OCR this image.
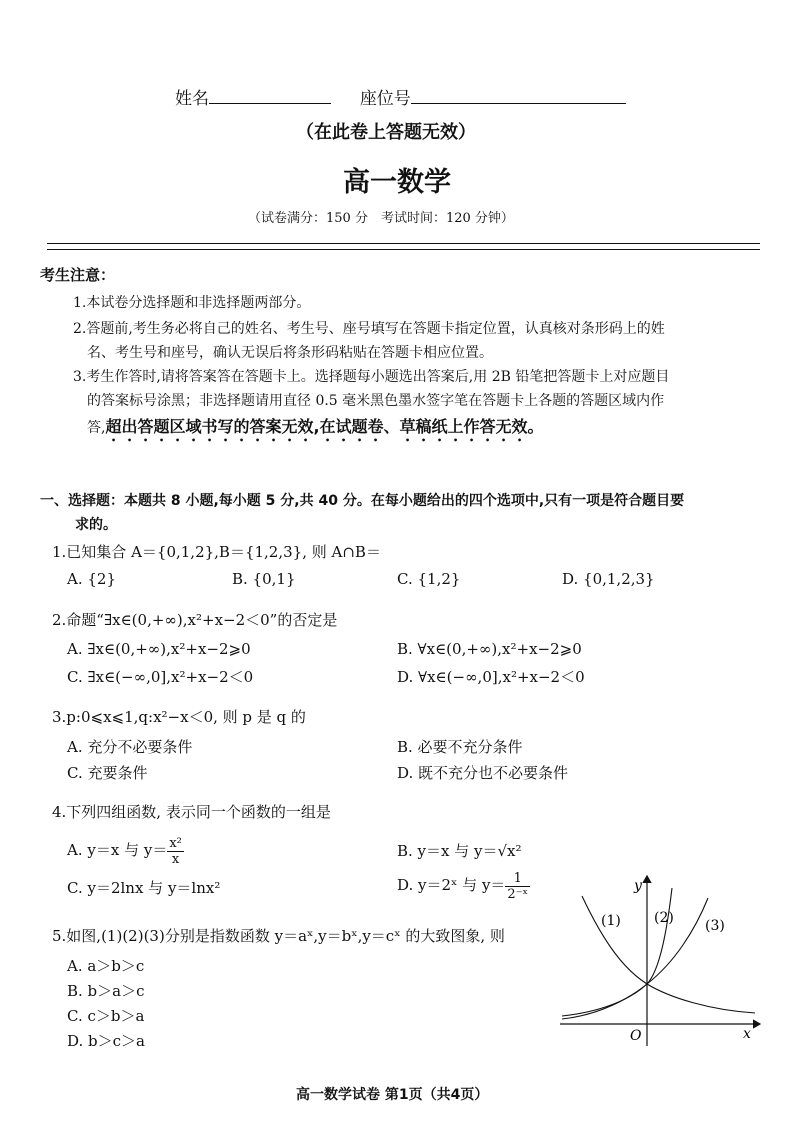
姓名	座位号
（在此卷上答题无效）
高一数学
（试卷满分：150 分　考试时间：120 分钟）
考生注意：
1.本试卷分选择题和非选择题两部分。
2.答题前,考生务必将自己的姓名、考生号、座号填写在答题卡指定位置，认真核对条形码上的姓
名、考生号和座号，确认无误后将条形码粘贴在答题卡相应位置。
3.考生作答时,请将答案答在答题卡上。选择题每小题选出答案后,用 2B 铅笔把答题卡上对应题目
的答案标号涂黑；非选择题请用直径 0.5 毫米黑色墨水签字笔在答题卡上各题的答题区域内作
答,超出答题区域书写的答案无效,在试题卷、草稿纸上作答无效。
一、选择题：本题共 8 小题,每小题 5 分,共 40 分。在每小题给出的四个选项中,只有一项是符合题目要
求的。
1.已知集合 A＝{0,1,2},B＝{1,2,3}, 则 A∩B＝
A. {2}	B. {0,1}	C. {1,2}	D. {0,1,2,3}
2.命题“∃x∈(0,+∞),x²+x−2＜0”的否定是
A. ∃x∈(0,+∞),x²+x−2⩾0	B. ∀x∈(0,+∞),x²+x−2⩾0
C. ∃x∈(−∞,0],x²+x−2＜0	D. ∀x∈(−∞,0],x²+x−2＜0
3.p:0⩽x⩽1,q:x²−x＜0, 则 p 是 q 的
A. 充分不必要条件	B. 必要不充分条件
C. 充要条件	D. 既不充分也不必要条件
4.下列四组函数, 表示同一个函数的一组是
A. y＝x 与 $y= \frac{\text{x²}}{x}$	B. y＝x 与 y＝√x²
C. y＝2lnx 与 y＝lnx²	D. y＝2ˣ 与 $y= \frac{1}{\text{2⁻ˣ}}$
5.如图,(1)(2)(3)分别是指数函数 y＝aˣ,y＝bˣ,y＝cˣ 的大致图象, 则
A. a＞b＞c
B. b＞a＞c
C. c＞b＞a
D. b＞c＞a
(1) (2) (3)
y
x
O
高一数学试卷 第1页（共4页）
